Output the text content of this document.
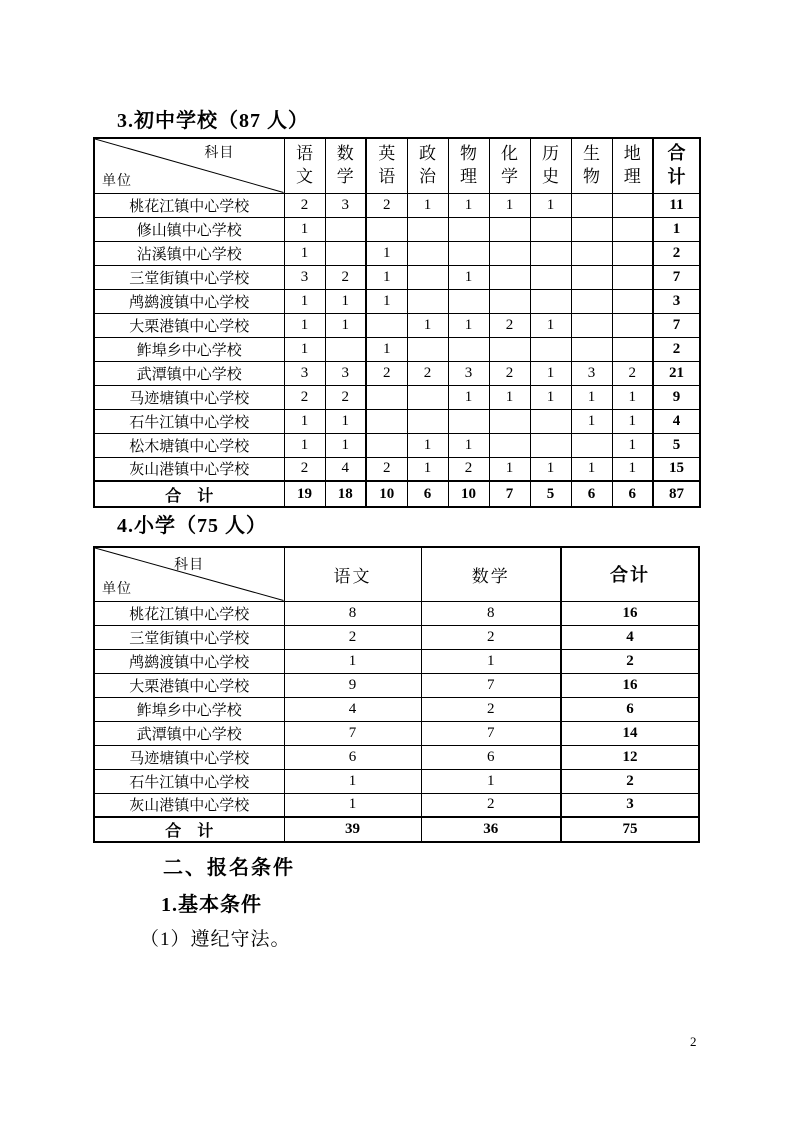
3.初中学校（87 人）
科目
单位	语文	数学	英语	政治	物理	化学	历史	生物	地理	合计
桃花江镇中心学校	2	3	2	1	1	1	1			11
修山镇中心学校	1									1
沾溪镇中心学校	1		1							2
三堂街镇中心学校	3	2	1		1					7
鸬鹚渡镇中心学校	1	1	1							3
大栗港镇中心学校	1	1		1	1	2	1			7
鲊埠乡中心学校	1		1							2
武潭镇中心学校	3	3	2	2	3	2	1	3	2	21
马迹塘镇中心学校	2	2			1	1	1	1	1	9
石牛江镇中心学校	1	1						1	1	4
松木塘镇中心学校	1	1		1	1				1	5
灰山港镇中心学校	2	4	2	1	2	1	1	1	1	15
合　计	19	18	10	6	10	7	5	6	6	87
4.小学（75 人）
科目
单位	语文	数学	合计
桃花江镇中心学校	8	8	16
三堂街镇中心学校	2	2	4
鸬鹚渡镇中心学校	1	1	2
大栗港镇中心学校	9	7	16
鲊埠乡中心学校	4	2	6
武潭镇中心学校	7	7	14
马迹塘镇中心学校	6	6	12
石牛江镇中心学校	1	1	2
灰山港镇中心学校	1	2	3
合　计	39	36	75
二、报名条件
1.基本条件
（1）遵纪守法。
2
